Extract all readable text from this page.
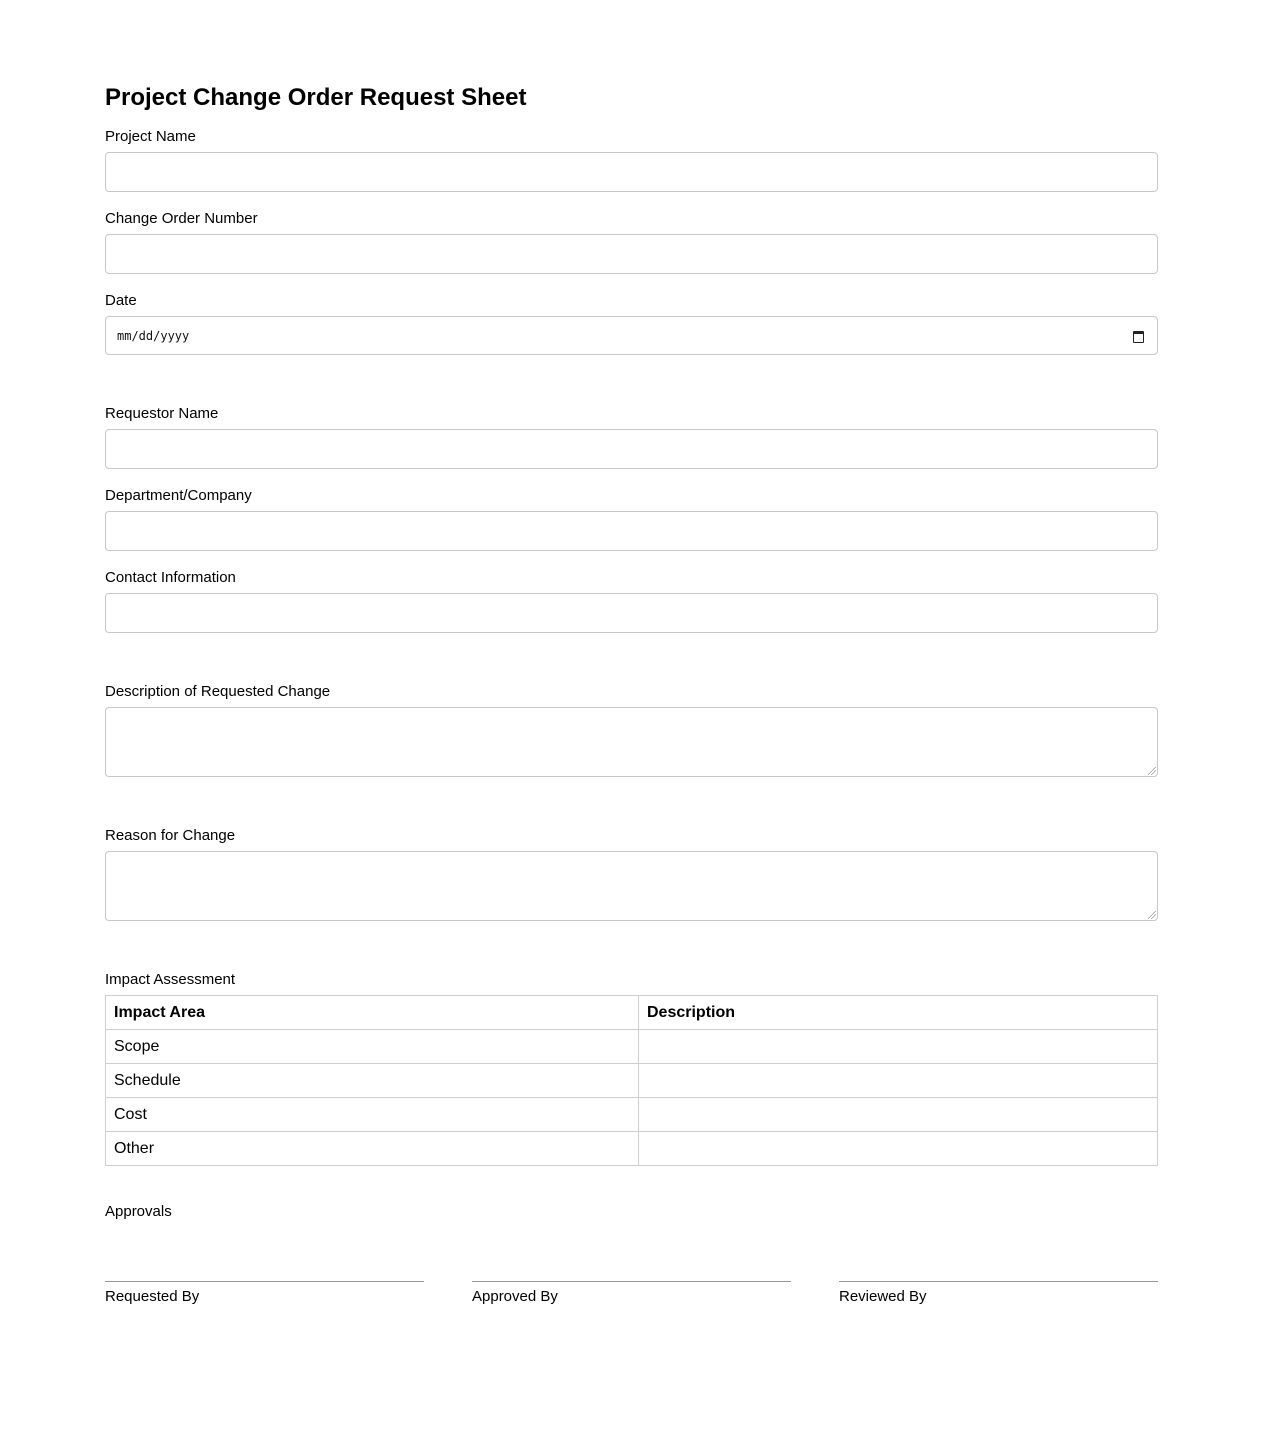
Project Change Order Request Sheet
Project Name
Change Order Number
Date
mm/dd/yyyy
Requestor Name
Department/Company
Contact Information
Description of Requested Change
Reason for Change
Impact Assessment
Impact Area	Description
Scope	
Schedule	
Cost	
Other	
Approvals
Requested By	Approved By	Reviewed By
